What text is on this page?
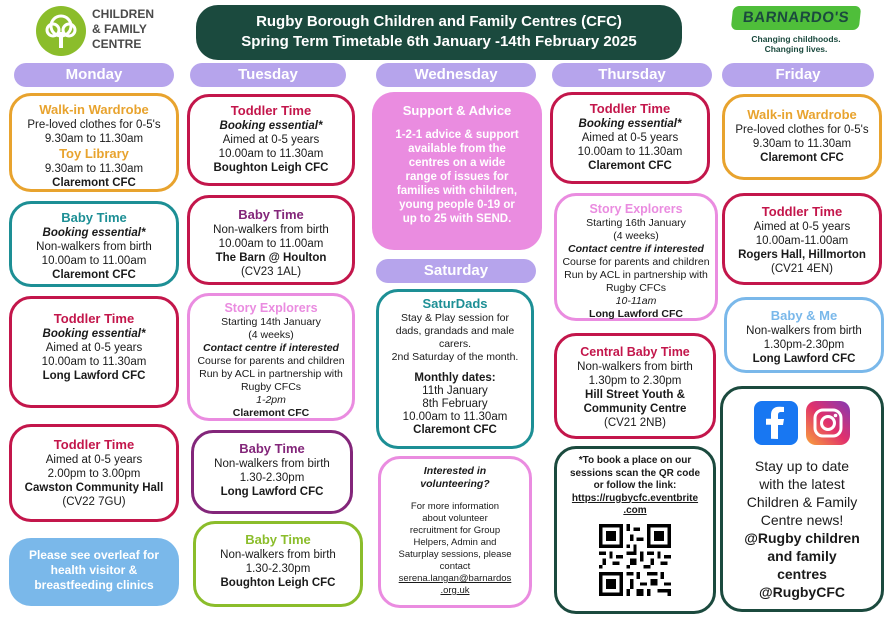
CHILDREN
& FAMILY
CENTRE
Rugby Borough Children and Family Centres (CFC)
Spring Term Timetable 6th January -14th February 2025
BARNARDO'S
Changing childhoods.
Changing lives.
Monday	Tuesday	Wednesday	Thursday	Friday
Walk-in Wardrobe
Pre-loved clothes for 0-5's
9.30am to 11.30am
Toy Library
9.30am to 11.30am
Claremont CFC
Baby Time
Booking essential*
Non-walkers from birth
10.00am to 11.00am
Claremont CFC
Toddler Time
Booking essential*
Aimed at 0-5 years
10.00am to 11.30am
Long Lawford CFC
Toddler Time
Aimed at 0-5 years
2.00pm to 3.00pm
Cawston Community Hall
(CV22 7GU)
Please see overleaf for
health visitor &
breastfeeding clinics
Toddler Time
Booking essential*
Aimed at 0-5 years
10.00am to 11.30am
Boughton Leigh CFC
Baby Time
Non-walkers from birth
10.00am to 11.00am
The Barn @ Houlton
(CV23 1AL)
Story Explorers
Starting 14th January
(4 weeks)
Contact centre if interested
Course for parents and children
Run by ACL in partnership with
Rugby CFCs
1-2pm
Claremont CFC
Baby Time
Non-walkers from birth
1.30-2.30pm
Long Lawford CFC
Baby Time
Non-walkers from birth
1.30-2.30pm
Boughton Leigh CFC
Support & Advice
1-2-1 advice & support
available from the
centres on a wide
range of issues for
families with children,
young people 0-19 or
up to 25 with SEND.
Saturday
SaturDads
Stay & Play session for
dads, grandads and male
carers.
2nd Saturday of the month.
Monthly dates:
11th January
8th February
10.00am to 11.30am
Claremont CFC
Interested in
volunteering?
For more information
about volunteer
recruitment for Group
Helpers, Admin and
Saturplay sessions, please
contact
serena.langan@barnardos
.org.uk
Toddler Time
Booking essential*
Aimed at 0-5 years
10.00am to 11.30am
Claremont CFC
Story Explorers
Starting 16th January
(4 weeks)
Contact centre if interested
Course for parents and children
Run by ACL in partnership with
Rugby CFCs
10-11am
Long Lawford CFC
Central Baby Time
Non-walkers from birth
1.30pm to 2.30pm
Hill Street Youth &
Community Centre
(CV21 2NB)
*To book a place on our
sessions scan the QR code
or follow the link:
https://rugbycfc.eventbrite
.com
Walk-in Wardrobe
Pre-loved clothes for 0-5's
9.30am to 11.30am
Claremont CFC
Toddler Time
Aimed at 0-5 years
10.00am-11.00am
Rogers Hall, Hillmorton
(CV21 4EN)
Baby & Me
Non-walkers from birth
1.30pm-2.30pm
Long Lawford CFC

Stay up to date
with the latest
Children & Family
Centre news!
@Rugby children
and family
centres
@RugbyCFC
